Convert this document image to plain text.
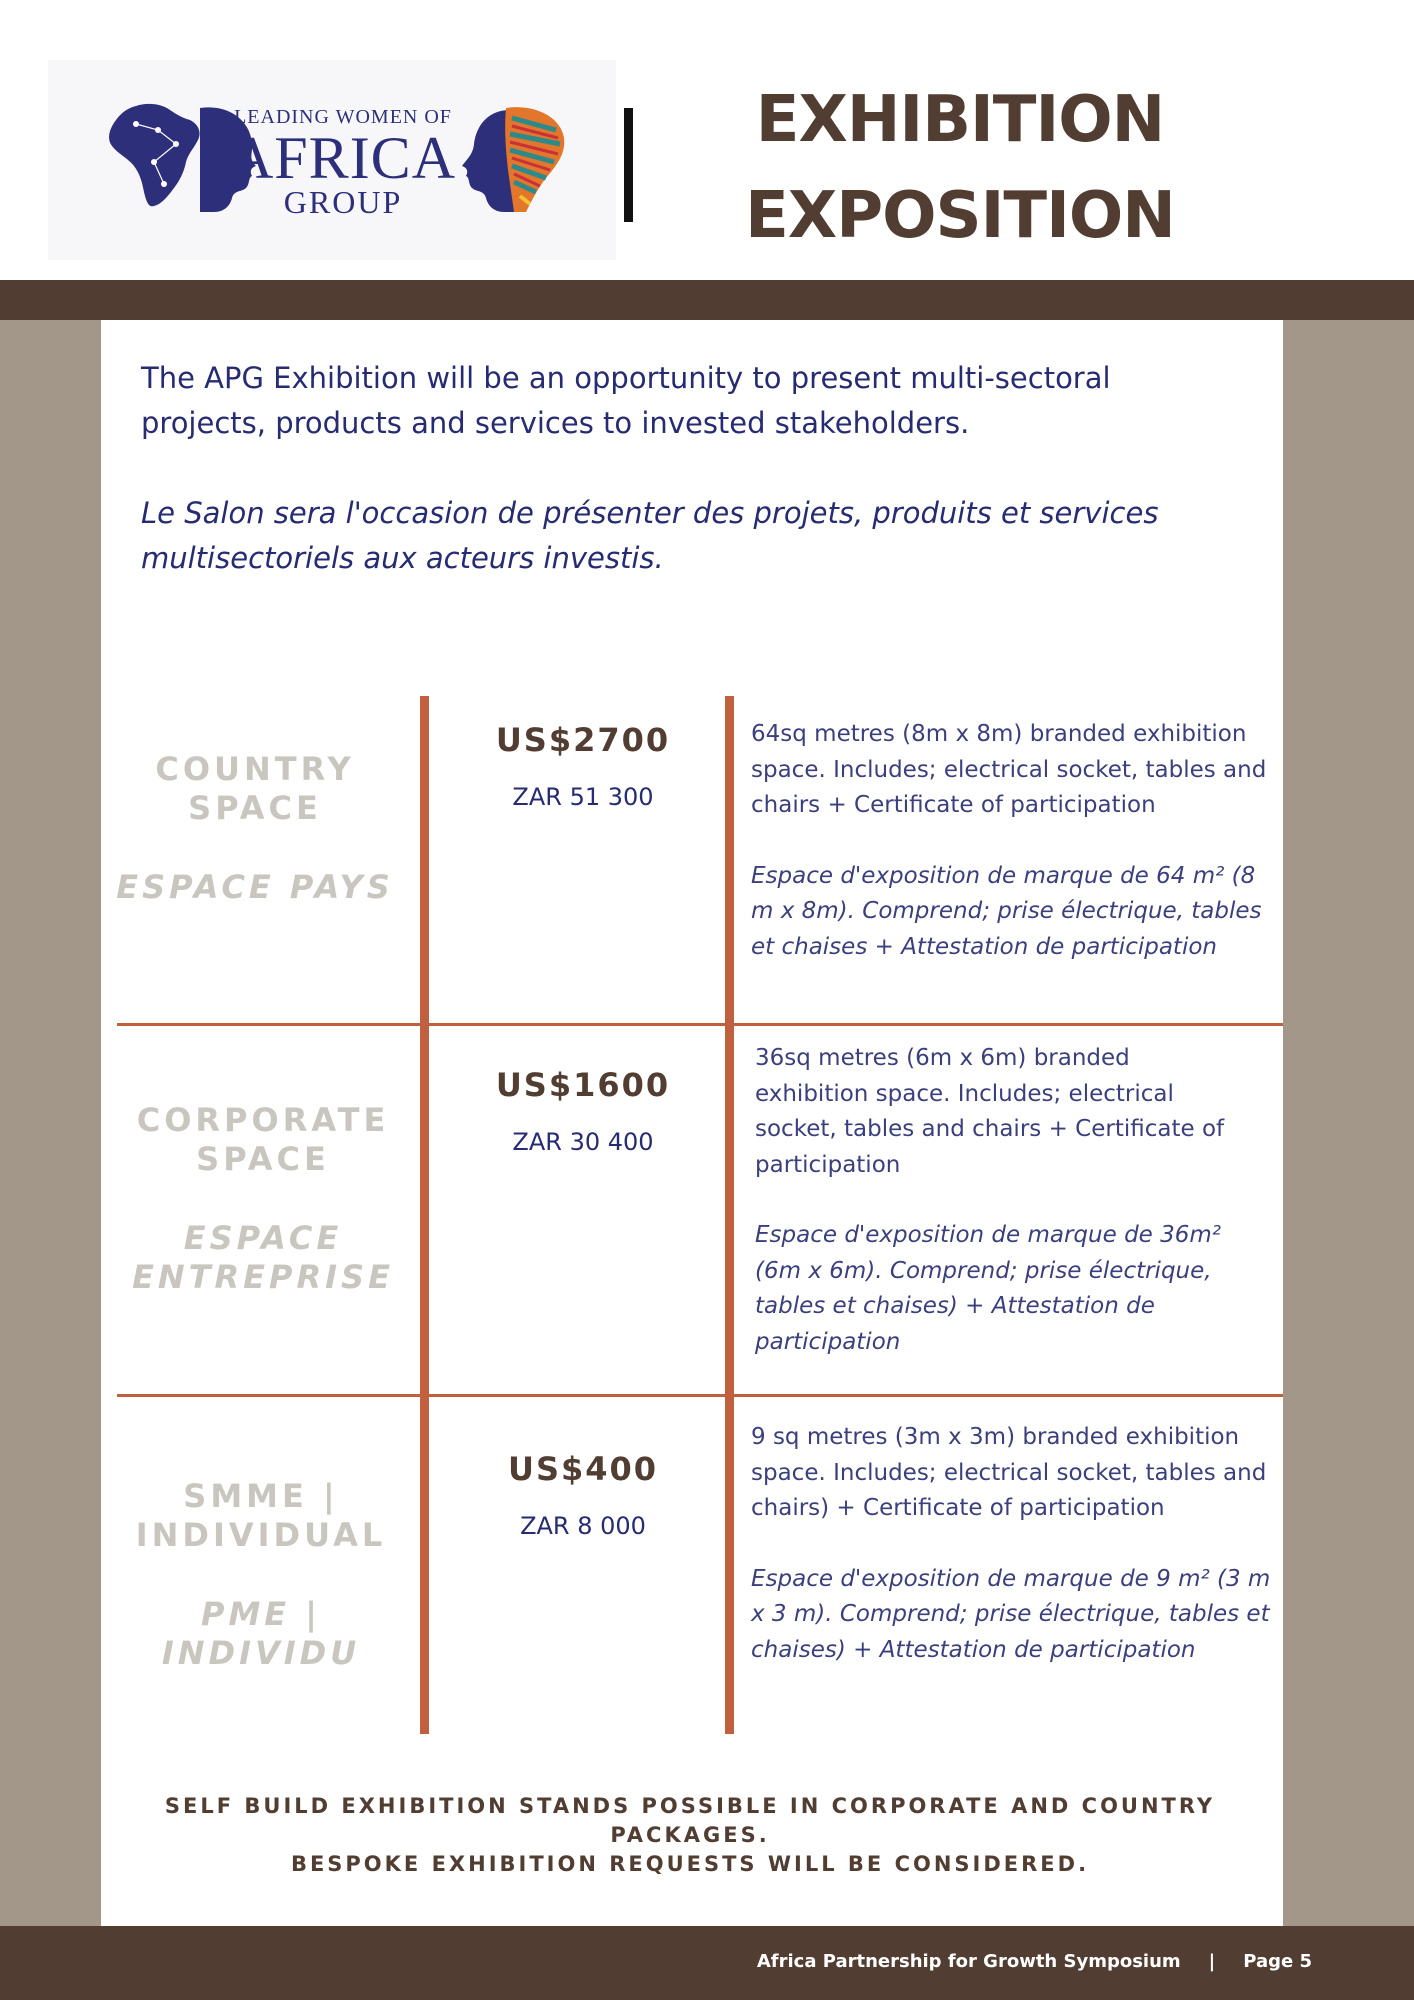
LEADING WOMEN OF
AFRICA
GROUP
EXHIBITION
EXPOSITION

The APG Exhibition will be an opportunity to present multi-sectoral projects, products and services to invested stakeholders.

Le Salon sera l'occasion de présenter des projets, produits et services multisectoriels aux acteurs investis.

COUNTRY SPACE
ESPACE PAYS
US$2700
ZAR 51 300

64sq metres (8m x 8m) branded exhibition space. Includes; electrical socket, tables and chairs + Certificate of participation

Espace d'exposition de marque de 64 m² (8 m x 8m). Comprend; prise électrique, tables et chaises + Attestation de participation

CORPORATE SPACE
ESPACE ENTREPRISE
US$1600
ZAR 30 400

36sq metres (6m x 6m) branded exhibition space. Includes; electrical socket, tables and chairs + Certificate of participation

Espace d'exposition de marque de 36m² (6m x 6m). Comprend; prise électrique, tables et chaises) + Attestation de participation

SMME | INDIVIDUAL
PME | INDIVIDU
US$400
ZAR 8 000

9 sq metres (3m x 3m) branded exhibition space. Includes; electrical socket, tables and chairs) + Certificate of participation

Espace d'exposition de marque de 9 m² (3 m x 3 m). Comprend; prise électrique, tables et chaises) + Attestation de participation

SELF BUILD EXHIBITION STANDS POSSIBLE IN CORPORATE AND COUNTRY PACKAGES.
BESPOKE EXHIBITION REQUESTS WILL BE CONSIDERED.
Africa Partnership for Growth Symposium | Page 5
